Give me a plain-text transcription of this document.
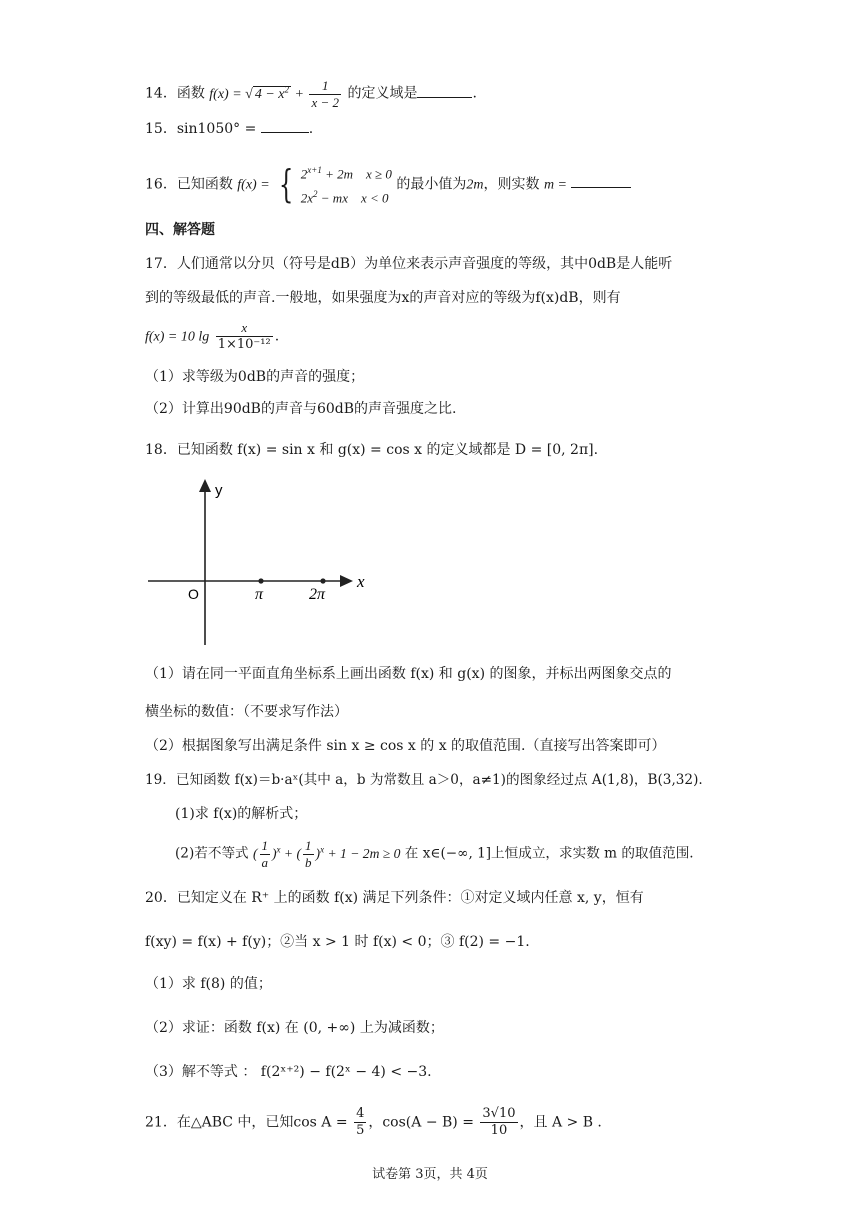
14．函数 f(x) = √ $4 - x^2 + \frac{1}{x - 2}$ 的定义域是	.
15．sin1050° =	.
16．已知函数 f(x) = { $2^{x+1} + 2m$    x ≥ 0
$2x^2$ − mx    x < 0
的最小值为2m，则实数 m =
四、解答题
17．人们通常以分贝（符号是dB）为单位来表示声音强度的等级，其中0dB是人能听
到的等级最低的声音.一般地，如果强度为x的声音对应的等级为f(x)dB，则有
f(x) = 10 $\lg \frac{x}{\text{1×10⁻¹²}}$ .
（1）求等级为0dB的声音的强度；
（2）计算出90dB的声音与60dB的声音强度之比.
18．已知函数 f(x) = sin x 和 g(x) = cos x 的定义域都是 D = [0, 2π].
y
x
O	π	2π
（1）请在同一平面直角坐标系上画出函数 f(x) 和 g(x) 的图象，并标出两图象交点的
横坐标的数值：（不要求写作法）
（2）根据图象写出满足条件 sin x ≥ cos x 的 x 的取值范围.（直接写出答案即可）
19．已知函数 f(x)＝b·aˣ(其中 a，b 为常数且 a＞0，a≠1)的图象经过点 A(1,8)，B(3,32).
(1)求 f(x)的解析式；
(2)若不等式 ( $\frac{1}{a} )^x$ + ( $\frac{1}{b} )^x + 1 - 2m \ge 0$ 在 x∈(−∞, 1]上恒成立，求实数 m 的取值范围.
20．已知定义在 R⁺ 上的函数 f(x) 满足下列条件：①对定义域内任意 x, y，恒有
f(xy) = f(x) + f(y)；②当 x > 1 时 f(x) < 0；③ f(2) = −1.
（1）求 f(8) 的值；
（2）求证：函数 f(x) 在 (0, +∞) 上为减函数；
（3）解不等式 ： f(2ˣ⁺²) − f(2ˣ − 4) < −3.
21．在△ABC 中，已知$\cos A = \frac{4}{5}$ ，$\cos(A - B) = \frac{3√10}{10}$ ，且 A > B .
试卷第 3页，共 4页
